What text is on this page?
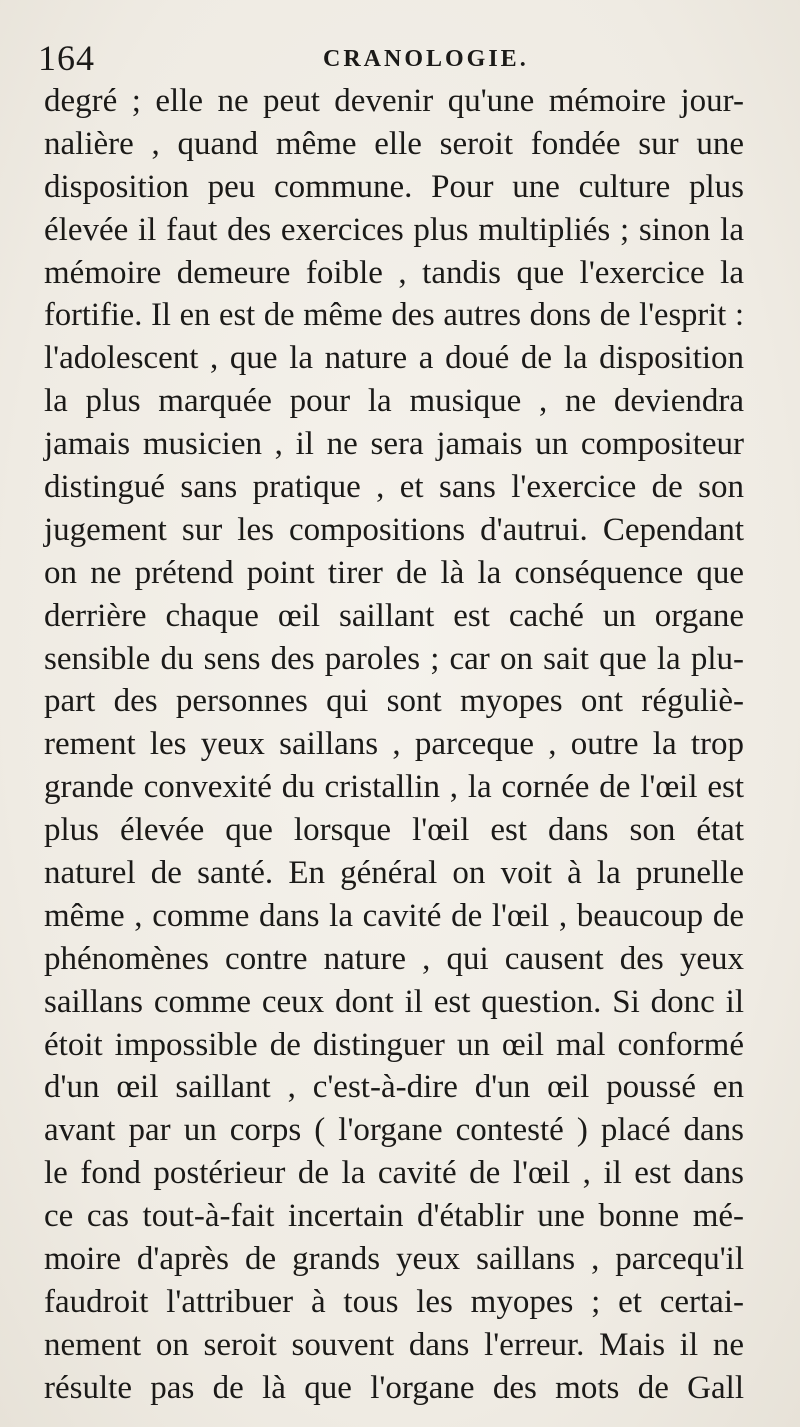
164	CRANOLOGIE.
degré ; elle ne peut devenir qu'une mémoire jour-
nalière , quand même elle seroit fondée sur une
disposition peu commune. Pour une culture plus
élevée il faut des exercices plus multipliés ; sinon la
mémoire demeure foible , tandis que l'exercice la
fortifie. Il en est de même des autres dons de l'esprit :
l'adolescent , que la nature a doué de la disposition
la plus marquée pour la musique , ne deviendra
jamais musicien , il ne sera jamais un compositeur
distingué sans pratique , et sans l'exercice de son
jugement sur les compositions d'autrui. Cependant
on ne prétend point tirer de là la conséquence que
derrière chaque œil saillant est caché un organe
sensible du sens des paroles ; car on sait que la plu-
part des personnes qui sont myopes ont réguliè-
rement les yeux saillans , parceque , outre la trop
grande convexité du cristallin , la cornée de l'œil est
plus élevée que lorsque l'œil est dans son état
naturel de santé. En général on voit à la prunelle
même , comme dans la cavité de l'œil , beaucoup de
phénomènes contre nature , qui causent des yeux
saillans comme ceux dont il est question. Si donc il
étoit impossible de distinguer un œil mal conformé
d'un œil saillant , c'est-à-dire d'un œil poussé en
avant par un corps ( l'organe contesté ) placé dans
le fond postérieur de la cavité de l'œil , il est dans
ce cas tout-à-fait incertain d'établir une bonne mé-
moire d'après de grands yeux saillans , parcequ'il
faudroit l'attribuer à tous les myopes ; et certai-
nement on seroit souvent dans l'erreur. Mais il ne
résulte pas de là que l'organe des mots de Gall
